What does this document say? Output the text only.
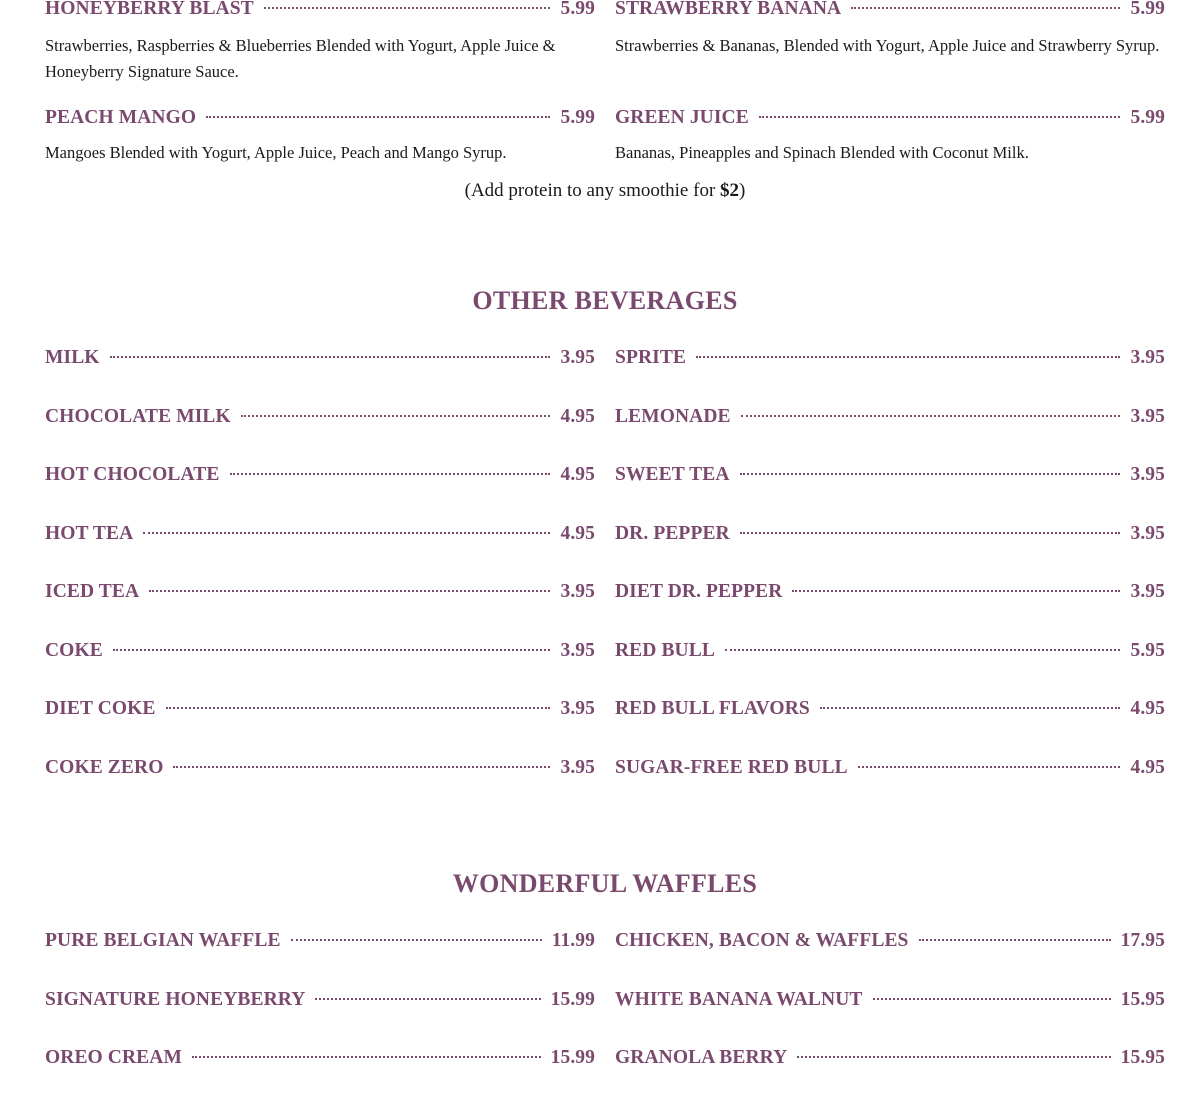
HONEYBERRY BLAST	5.99
Strawberries, Raspberries & Blueberries Blended with Yogurt, Apple Juice & Honeyberry Signature Sauce.
STRAWBERRY BANANA	5.99
Strawberries & Bananas, Blended with Yogurt, Apple Juice and Strawberry Syrup.
PEACH MANGO	5.99
Mangoes Blended with Yogurt, Apple Juice, Peach and Mango Syrup.
GREEN JUICE	5.99
Bananas, Pineapples and Spinach Blended with Coconut Milk.
(Add protein to any smoothie for $2)
OTHER BEVERAGES
MILK	3.95 SPRITE	3.95
CHOCOLATE MILK	4.95 LEMONADE	3.95
HOT CHOCOLATE	4.95 SWEET TEA	3.95
HOT TEA	4.95 DR. PEPPER	3.95
ICED TEA	3.95 DIET DR. PEPPER	3.95
COKE	3.95 RED BULL	5.95
DIET COKE	3.95 RED BULL FLAVORS	4.95
COKE ZERO	3.95 SUGAR-FREE RED BULL	4.95
WONDERFUL WAFFLES
PURE BELGIAN WAFFLE	11.99 CHICKEN, BACON & WAFFLES	17.95
SIGNATURE HONEYBERRY	15.99 WHITE BANANA WALNUT	15.95
OREO CREAM	15.99 GRANOLA BERRY	15.95
